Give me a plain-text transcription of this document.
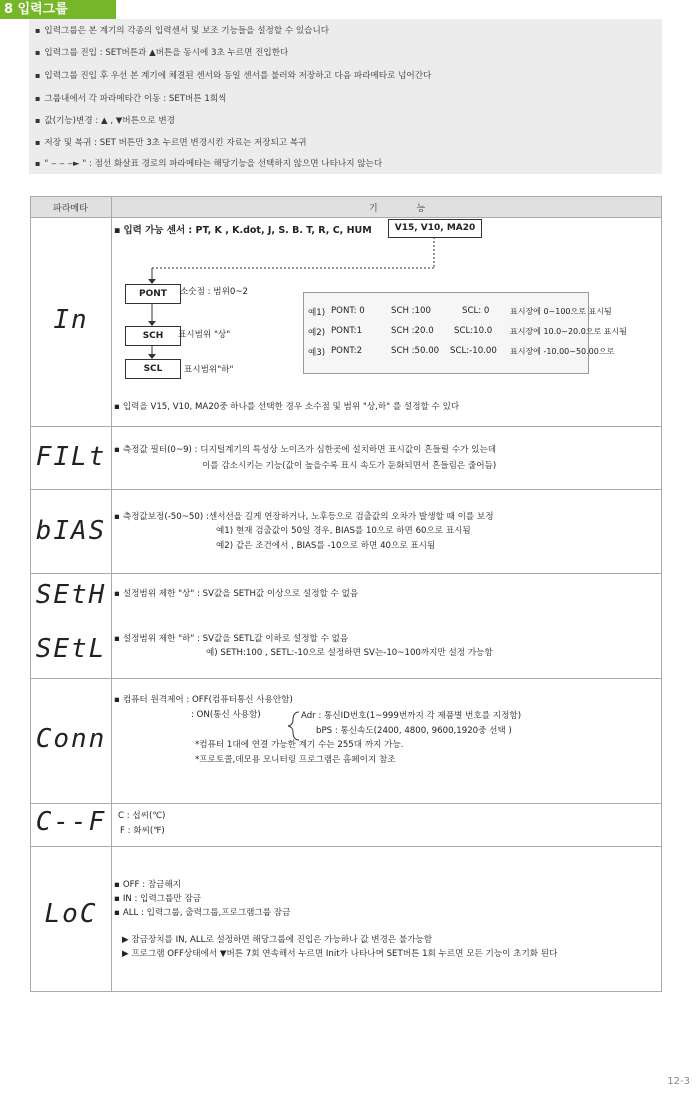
8 입력그룹

▪ 입력그룹은 본 계기의 각종의 입력센서 및 보조 기능들을 설정할 수 있습니다

▪ 입력그룹 진입 : SET버튼과 ▲버튼을 동시에 3초 누르면 진입한다

▪ 입력그룹 진입 후 우선 본 계기에 체결된 센서와 동일 센서를 불러와 저장하고 다음 파라메타로 넘어간다

▪ 그룹내에서 각 파라메타간 이동 : SET버튼 1회씩

▪ 값(기능)변경 : ▲ , ▼버튼으로 변경

▪ 저장 및 복귀 : SET 버튼만 3초 누르면 변경시킨 자료는 저장되고 복귀

▪ " ‒ ‒ ‒► " : 점선 화살표 경로의 파라메타는 해당기능을 선택하지 않으면 나타나지 않는다

파라메타	기 능
In

▪ 입력 가능 센서 : PT, K , K.dot, J, S. B. T, R, C, HUM	V15, V10, MA20
PONT	소숫점 : 범위0~2

SCH	표시범위 "상"

SCL	표시범위"하"

예1) PONT: 0	SCH :100	SCL: 0	표시장에 0~100으로 표시됨

예2) PONT:1	SCH :20.0 SCL:10.0 표시장에 10.0~20.0으로 표시됨

예3) PONT:2	SCH :50.00 SCL:-10.00 표시장에 -10.00~50.00으로

▪ 입력을 V15, V10, MA20중 하나를 선택한 경우 소수점 및 범위 "상,하" 를 설정할 수 있다

FILt	▪ 측정값 필터(0~9) : 디지털계기의 특성상 노이즈가 심한곳에 설치하면 표시값이 흔들릴 수가 있는데

이를 감소시키는 기능(값이 높을수록 표시 속도가 둔화되면서 흔들림은 줄어듬)

bIAS	▪ 측정값보정(-50~50) :센서선을 길게 연장하거나, 노후등으로 검출값의 오차가 발생할 때 이를 보정

예1) 현재 검출값이 50일 경우, BIAS를 10으로 하면 60으로 표시됨

예2) 같은 조건에서 , BIAS를 -10으로 하면 40으로 표시됨

SEtH	▪ 설정범위 제한 "상" : SV값을 SETH값 이상으로 설정할 수 없음

SEtL	▪ 설정범위 제한 "하" : SV값을 SETL값 이하로 설정할 수 없음

예) SETH:100 , SETL:-10으로 설정하면 SV는-10~100까지만 설정 가능함

Conn

▪ 컴퓨터 원격제어 : OFF(컴퓨터통신 사용안함)

: ON(통신 사용함)	Adr : 통신ID번호(1~999번까지 각 제품별 번호를 지정함)

bPS : 통신속도(2400, 4800, 9600,1920중 선택 )

*컴퓨터 1대에 연결 가능한 계기 수는 255대 까지 가능.

*프로토콜,데모용 모니터링 프로그램은 홈페이지 참조

C--F	C : 섭씨(℃)

F : 화씨(℉)

LoC

▪ OFF : 잠금해지

▪ IN : 입력그룹만 잠금

▪ ALL : 입력그룹, 출력그룹,프로그램그룹 잠금

▶ 잠금장치를 IN, ALL로 설정하면 해당그룹에 진입은 가능하나 값 변경은 불가능함

▶ 프로그램 OFF상태에서 ▼버튼 7회 연속해서 누르면 Init가 나타나며 SET버튼 1회 누르면 모든 기능이 초기화 된다

12-3
